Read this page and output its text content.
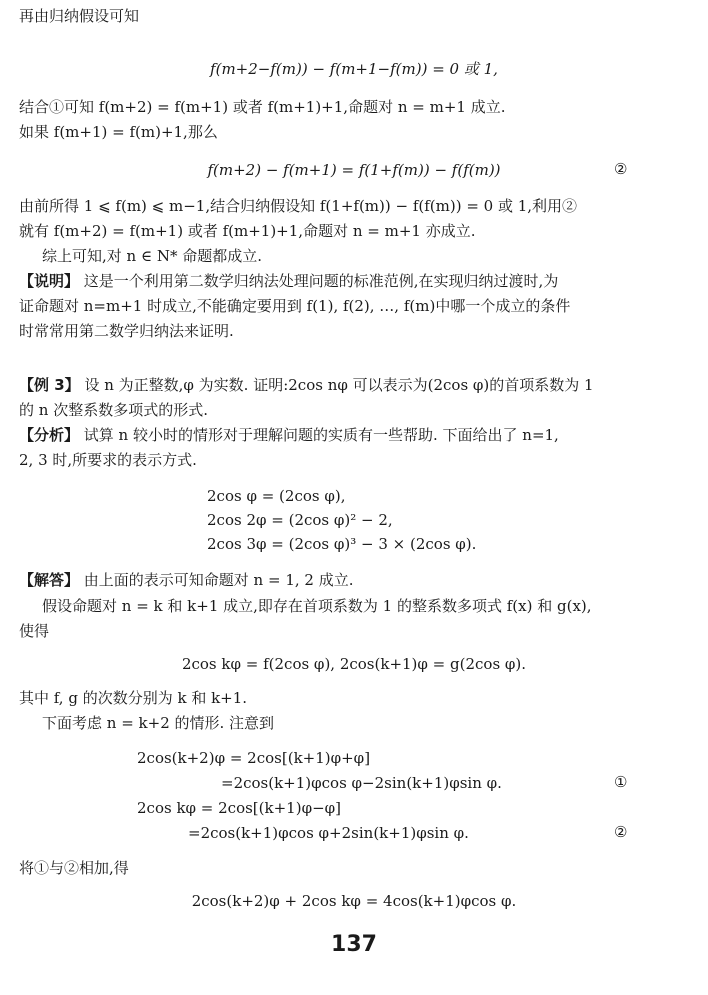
再由归纳假设可知
f(m+2−f(m)) − f(m+1−f(m)) = 0 或 1,
结合①可知 f(m+2) = f(m+1) 或者 f(m+1)+1,命题对 n = m+1 成立.
如果 f(m+1) = f(m)+1,那么
f(m+2) − f(m+1) = f(1+f(m)) − f(f(m))	②
由前所得 1 ⩽ f(m) ⩽ m−1,结合归纳假设知 f(1+f(m)) − f(f(m)) = 0 或 1,利用②
就有 f(m+2) = f(m+1) 或者 f(m+1)+1,命题对 n = m+1 亦成立.
综上可知,对 n ∈ N* 命题都成立.
【说明】 这是一个利用第二数学归纳法处理问题的标准范例,在实现归纳过渡时,为
证命题对 n=m+1 时成立,不能确定要用到 f(1), f(2), …, f(m)中哪一个成立的条件
时常常用第二数学归纳法来证明.
【例 3】 设 n 为正整数,φ 为实数. 证明:2cos nφ 可以表示为(2cos φ)的首项系数为 1
的 n 次整系数多项式的形式.
【分析】 试算 n 较小时的情形对于理解问题的实质有一些帮助. 下面给出了 n=1,
2, 3 时,所要求的表示方式.
2cos φ = (2cos φ),
2cos 2φ = (2cos φ)² − 2,
2cos 3φ = (2cos φ)³ − 3 × (2cos φ).
【解答】 由上面的表示可知命题对 n = 1, 2 成立.
假设命题对 n = k 和 k+1 成立,即存在首项系数为 1 的整系数多项式 f(x) 和 g(x),
使得
2cos kφ = f(2cos φ), 2cos(k+1)φ = g(2cos φ).
其中 f, g 的次数分别为 k 和 k+1.
下面考虑 n = k+2 的情形. 注意到
2cos(k+2)φ = 2cos[(k+1)φ+φ]
=2cos(k+1)φcos φ−2sin(k+1)φsin φ.	①
2cos kφ = 2cos[(k+1)φ−φ]
=2cos(k+1)φcos φ+2sin(k+1)φsin φ.	②
将①与②相加,得
2cos(k+2)φ + 2cos kφ = 4cos(k+1)φcos φ.
137
